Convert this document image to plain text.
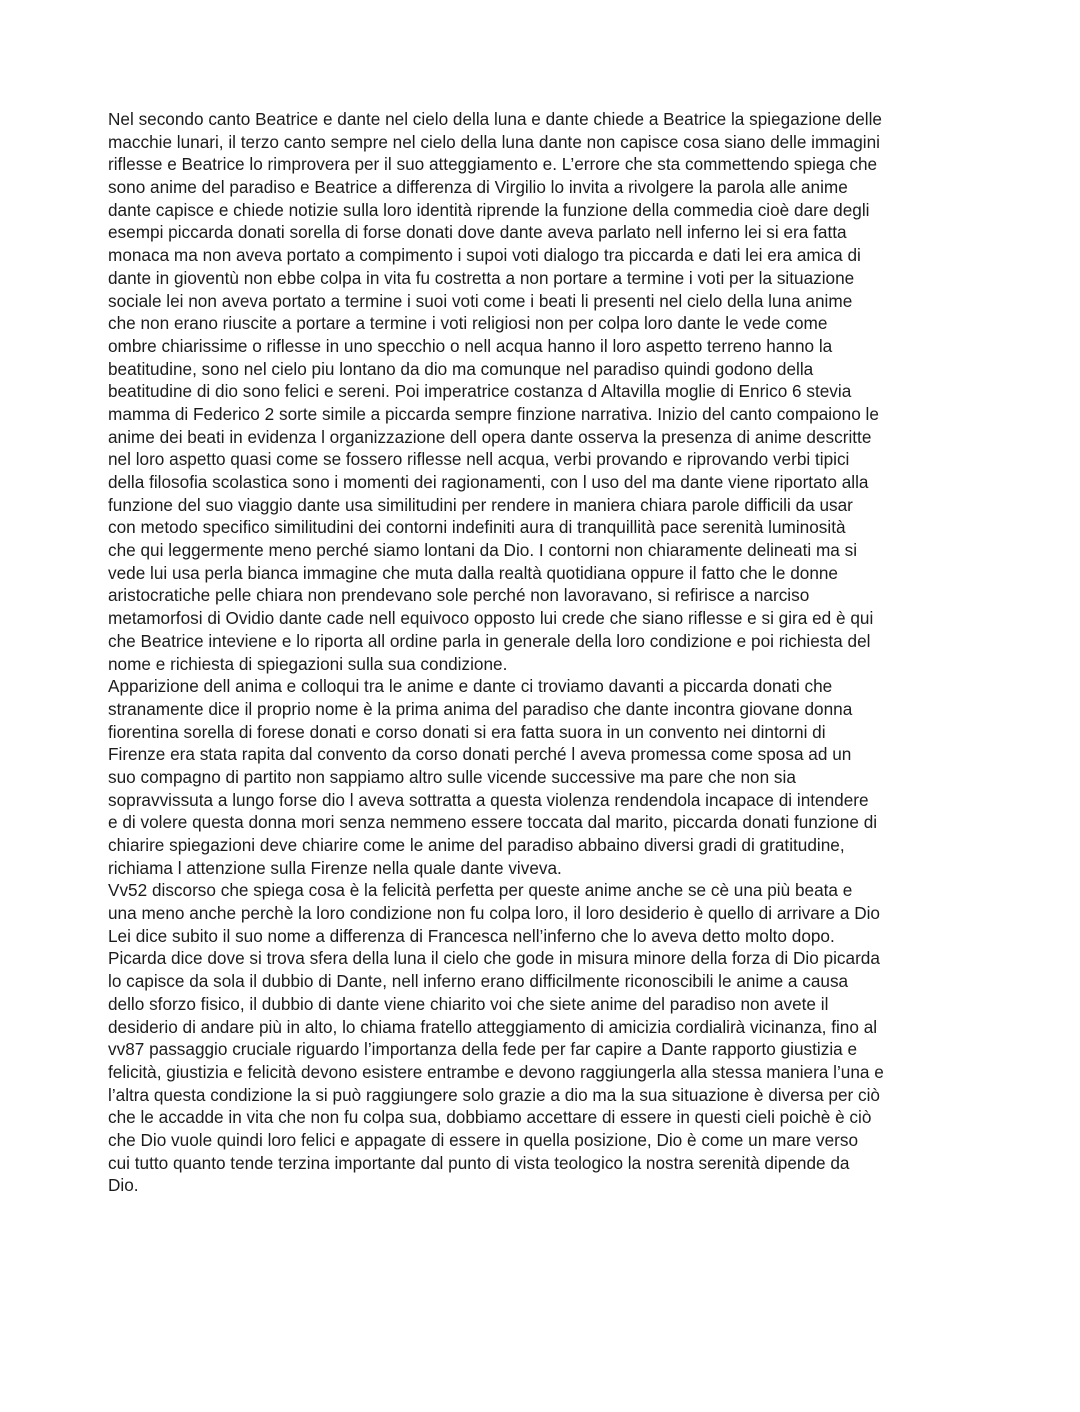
Nel secondo canto Beatrice e dante nel cielo della luna e dante chiede a Beatrice la spiegazione delle
macchie lunari, il terzo canto sempre nel cielo della luna dante non capisce cosa siano delle immagini
riflesse e Beatrice lo rimprovera per il suo atteggiamento e. L’errore che sta commettendo spiega che
sono anime del paradiso e Beatrice a differenza di Virgilio lo invita a rivolgere la parola alle anime
dante capisce e chiede notizie sulla loro identità riprende la funzione della commedia cioè dare degli
esempi piccarda donati sorella di forse donati dove dante aveva parlato nell inferno lei si era fatta
monaca ma non aveva portato a compimento i supoi voti dialogo tra piccarda e dati lei era amica di
dante in gioventù non ebbe colpa in vita fu costretta a non portare a termine i voti per la situazione
sociale lei non aveva portato a termine i suoi voti come i beati li presenti nel cielo della luna anime
che non erano riuscite a portare a termine i voti religiosi non per colpa loro dante le vede come
ombre chiarissime o riflesse in uno specchio o nell acqua hanno il loro aspetto terreno hanno la
beatitudine, sono nel cielo piu lontano da dio ma comunque nel paradiso quindi godono della
beatitudine di dio sono felici e sereni. Poi imperatrice costanza d Altavilla moglie di Enrico 6 stevia
mamma di Federico 2 sorte simile a piccarda sempre finzione narrativa. Inizio del canto compaiono le
anime dei beati in evidenza l organizzazione dell opera dante osserva la presenza di anime descritte
nel loro aspetto quasi come se fossero riflesse nell acqua, verbi provando e riprovando verbi tipici
della filosofia scolastica sono i momenti dei ragionamenti, con l uso del ma dante viene riportato alla
funzione del suo viaggio dante usa similitudini per rendere in maniera chiara parole difficili da usar
con metodo specifico similitudini dei contorni indefiniti aura di tranquillità pace serenità luminosità
che qui leggermente meno perché siamo lontani da Dio. I contorni non chiaramente delineati ma si
vede lui usa perla bianca immagine che muta dalla realtà quotidiana oppure il fatto che le donne
aristocratiche pelle chiara non prendevano sole perché non lavoravano, si refirisce a narciso
metamorfosi di Ovidio dante cade nell equivoco opposto lui crede che siano riflesse e si gira ed è qui
che Beatrice inteviene e lo riporta all ordine parla in generale della loro condizione e poi richiesta del
nome e richiesta di spiegazioni sulla sua condizione.
Apparizione dell anima e colloqui tra le anime e dante ci troviamo davanti a piccarda donati che
stranamente dice il proprio nome è la prima anima del paradiso che dante incontra giovane donna
fiorentina sorella di forese donati e corso donati si era fatta suora in un convento nei dintorni di
Firenze era stata rapita dal convento da corso donati perché l aveva promessa come sposa ad un
suo compagno di partito non sappiamo altro sulle vicende successive ma pare che non sia
sopravvissuta a lungo forse dio l aveva sottratta a questa violenza rendendola incapace di intendere
e di volere questa donna mori senza nemmeno essere toccata dal marito, piccarda donati funzione di
chiarire spiegazioni deve chiarire come le anime del paradiso abbaino diversi gradi di gratitudine,
richiama l attenzione sulla Firenze nella quale dante viveva.
Vv52 discorso che spiega cosa è la felicità perfetta per queste anime anche se cè una più beata e
una meno anche perchè la loro condizione non fu colpa loro, il loro desiderio è quello di arrivare a Dio
Lei dice subito il suo nome a differenza di Francesca nell’inferno che lo aveva detto molto dopo.
Picarda dice dove si trova sfera della luna il cielo che gode in misura minore della forza di Dio picarda
lo capisce da sola il dubbio di Dante, nell inferno erano difficilmente riconoscibili le anime a causa
dello sforzo fisico, il dubbio di dante viene chiarito voi che siete anime del paradiso non avete il
desiderio di andare più in alto, lo chiama fratello atteggiamento di amicizia cordialirà vicinanza, fino al
vv87 passaggio cruciale riguardo l’importanza della fede per far capire a Dante rapporto giustizia e
felicità, giustizia e felicità devono esistere entrambe e devono raggiungerla alla stessa maniera l’una e
l’altra questa condizione la si può raggiungere solo grazie a dio ma la sua situazione è diversa per ciò
che le accadde in vita che non fu colpa sua, dobbiamo accettare di essere in questi cieli poichè è ciò
che Dio vuole quindi loro felici e appagate di essere in quella posizione, Dio è come un mare verso
cui tutto quanto tende terzina importante dal punto di vista teologico la nostra serenità dipende da
Dio.
